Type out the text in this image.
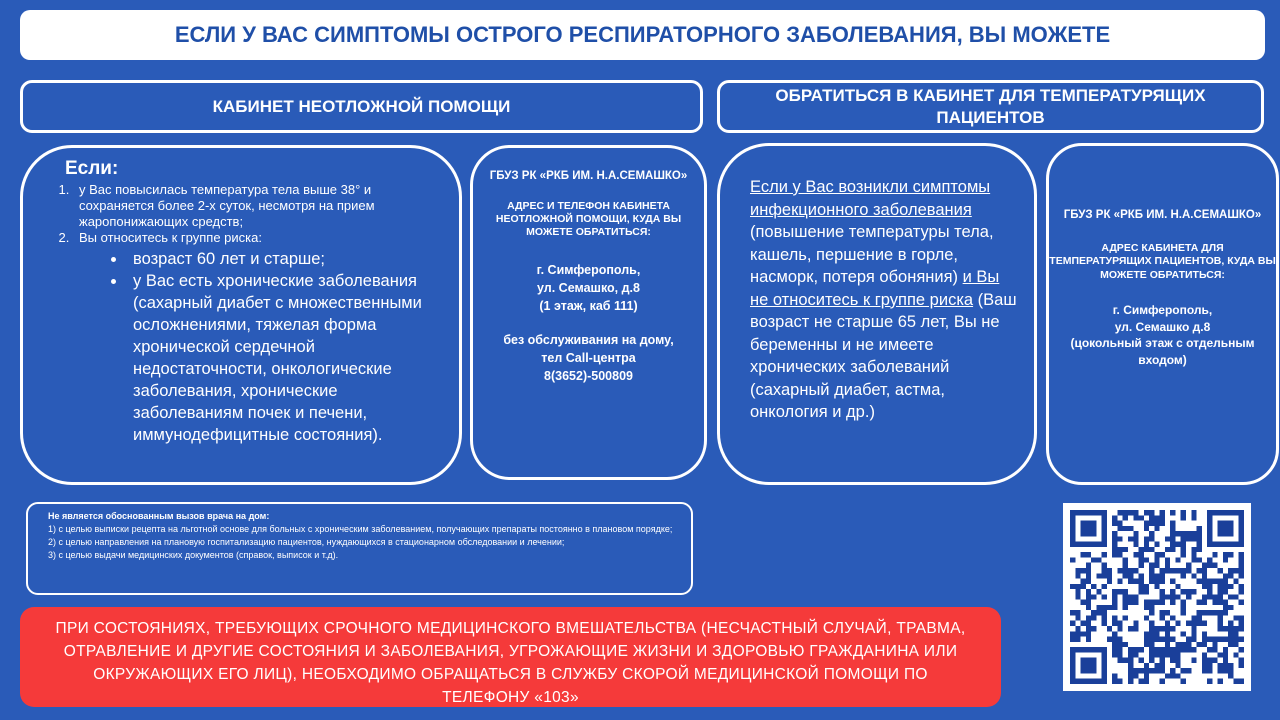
ЕСЛИ У ВАС СИМПТОМЫ ОСТРОГО РЕСПИРАТОРНОГО ЗАБОЛЕВАНИЯ, ВЫ МОЖЕТЕ
КАБИНЕТ НЕОТЛОЖНОЙ ПОМОЩИ
ОБРАТИТЬСЯ В КАБИНЕТ ДЛЯ ТЕМПЕРАТУРЯЩИХ ПАЦИЕНТОВ
Если:
1. у Вас повысилась температура тела выше 38° и сохраняется более 2-х суток, несмотря на прием жаропонижающих средств;
2. Вы относитесь к группе риска:
• возраст 60 лет и старше;
• у Вас есть хронические заболевания (сахарный диабет с множественными осложнениями, тяжелая форма хронической сердечной недостаточности, онкологические заболевания, хронические заболеваниям почек и печени, иммунодефицитные состояния).
ГБУЗ РК «РКБ ИМ. Н.А.СЕМАШКО»
АДРЕС И ТЕЛЕФОН КАБИНЕТА НЕОТЛОЖНОЙ ПОМОЩИ, КУДА ВЫ МОЖЕТЕ ОБРАТИТЬСЯ:
г. Симферополь,
ул. Семашко, д.8
(1 этаж, каб 111)
без обслуживания на дому,
тел Call-центра
8(3652)-500809
Если у Вас возникли симптомы инфекционного заболевания (повышение температуры тела, кашель, першение в горле, насморк, потеря обоняния) и Вы не относитесь к группе риска (Ваш возраст не старше 65 лет, Вы не беременны и не имеете хронических заболеваний (сахарный диабет, астма, онкология и др.)
ГБУЗ РК «РКБ ИМ. Н.А.СЕМАШКО»
АДРЕС КАБИНЕТА ДЛЯ ТЕМПЕРАТУРЯЩИХ ПАЦИЕНТОВ, КУДА ВЫ МОЖЕТЕ ОБРАТИТЬСЯ:
г. Симферополь,
ул. Семашко д.8
(цокольный этаж с отдельным входом)
Не является обоснованным вызов врача на дом:
1) с целью выписки рецепта на льготной основе для больных с хроническим заболеванием, получающих препараты постоянно в плановом порядке;
2) с целью направления на плановую госпитализацию пациентов, нуждающихся в стационарном обследовании и лечении;
3) с целью выдачи медицинских документов (справок, выписок и т.д).
ПРИ СОСТОЯНИЯХ, ТРЕБУЮЩИХ СРОЧНОГО МЕДИЦИНСКОГО ВМЕШАТЕЛЬСТВА (НЕСЧАСТНЫЙ СЛУЧАЙ, ТРАВМА, ОТРАВЛЕНИЕ И ДРУГИЕ СОСТОЯНИЯ И ЗАБОЛЕВАНИЯ, УГРОЖАЮЩИЕ ЖИЗНИ И ЗДОРОВЬЮ ГРАЖДАНИНА ИЛИ ОКРУЖАЮЩИХ ЕГО ЛИЦ), НЕОБХОДИМО ОБРАЩАТЬСЯ В СЛУЖБУ СКОРОЙ МЕДИЦИНСКОЙ ПОМОЩИ ПО ТЕЛЕФОНУ «103»
